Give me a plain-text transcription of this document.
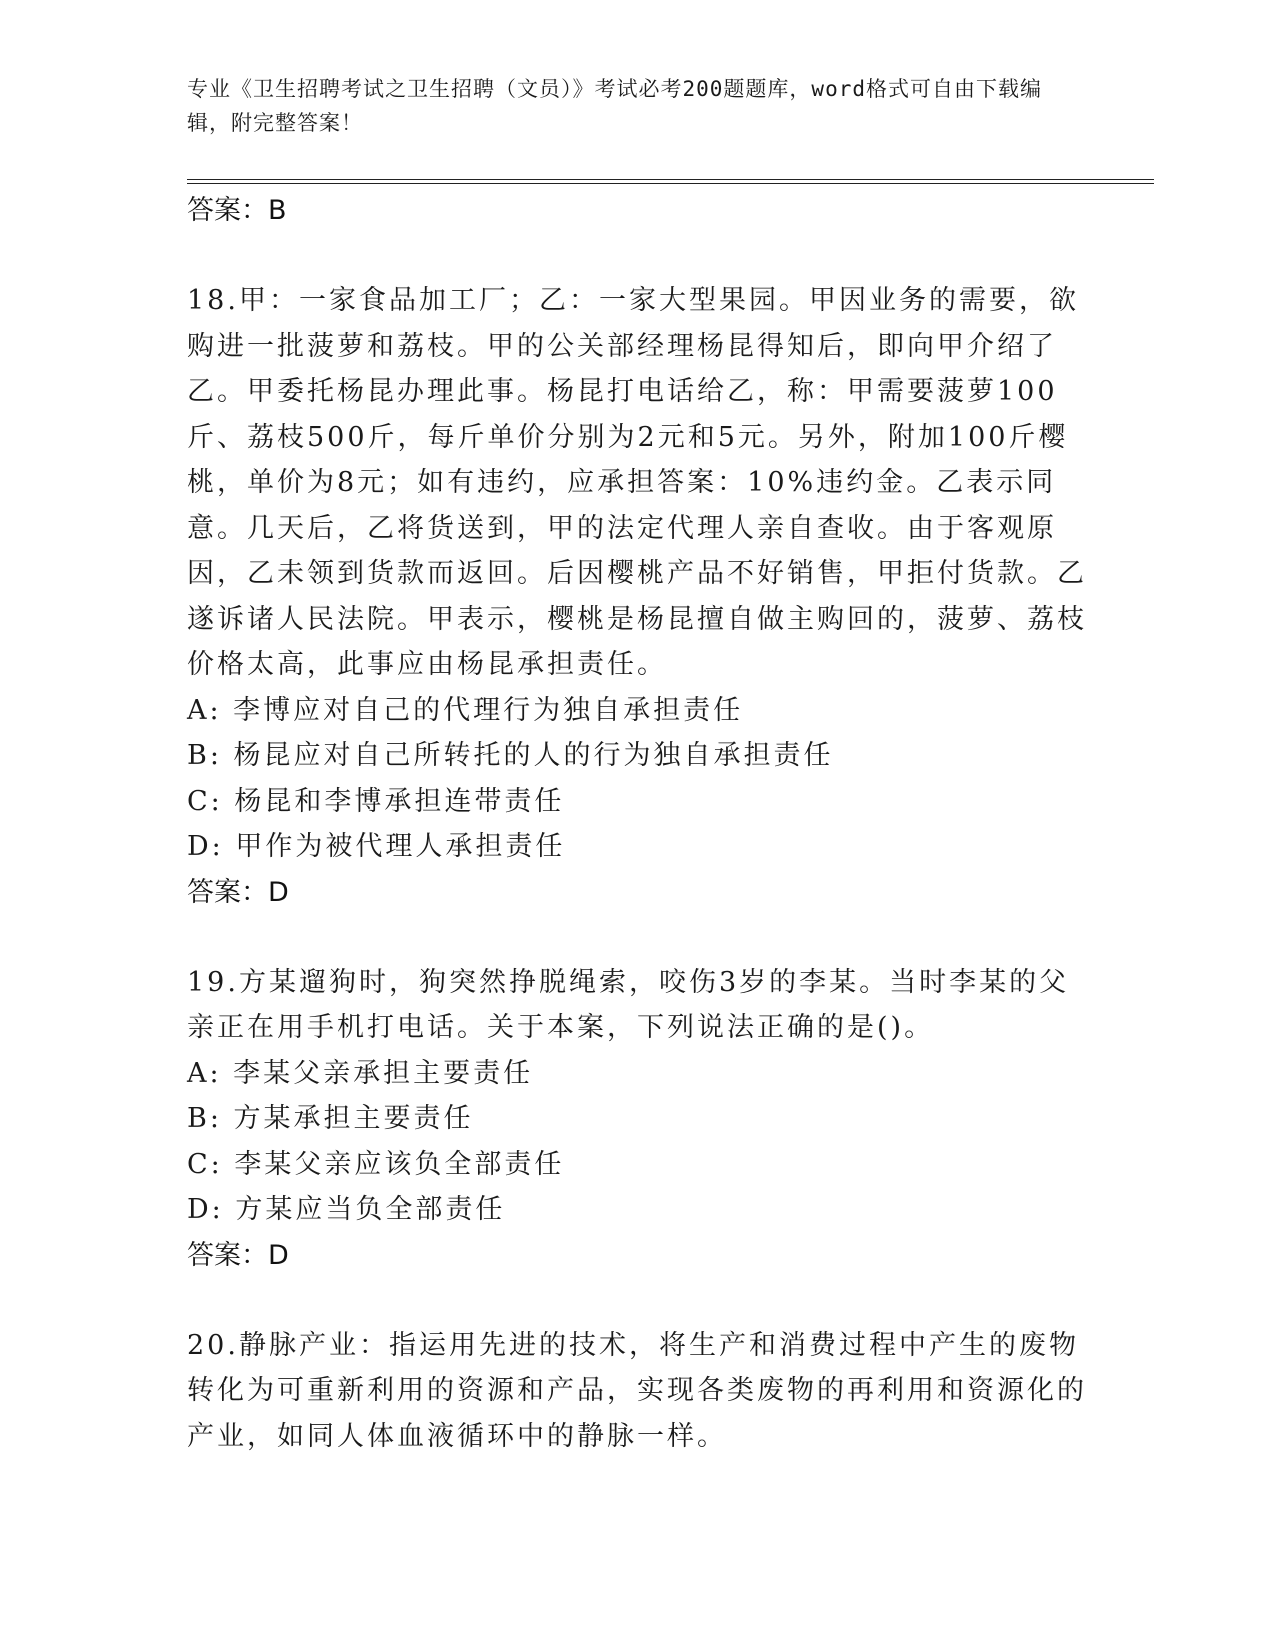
专业《卫生招聘考试之卫生招聘（文员）》考试必考200题题库，word格式可自由下载编辑，附完整答案！
答案：B
18.甲：一家食品加工厂；乙：一家大型果园。甲因业务的需要，欲购进一批菠萝和荔枝。甲的公关部经理杨昆得知后，即向甲介绍了乙。甲委托杨昆办理此事。杨昆打电话给乙，称：甲需要菠萝100斤、荔枝500斤，每斤单价分别为2元和5元。另外，附加100斤樱桃，单价为8元；如有违约，应承担答案：10%违约金。乙表示同意。几天后，乙将货送到，甲的法定代理人亲自查收。由于客观原因，乙未领到货款而返回。后因樱桃产品不好销售，甲拒付货款。乙遂诉诸人民法院。甲表示，樱桃是杨昆擅自做主购回的，菠萝、荔枝价格太高，此事应由杨昆承担责任。
A: 李博应对自己的代理行为独自承担责任
B: 杨昆应对自己所转托的人的行为独自承担责任
C: 杨昆和李博承担连带责任
D: 甲作为被代理人承担责任
答案：D
19.方某遛狗时，狗突然挣脱绳索，咬伤3岁的李某。当时李某的父亲正在用手机打电话。关于本案，下列说法正确的是()。
A: 李某父亲承担主要责任
B: 方某承担主要责任
C: 李某父亲应该负全部责任
D: 方某应当负全部责任
答案：D
20.静脉产业：指运用先进的技术，将生产和消费过程中产生的废物转化为可重新利用的资源和产品，实现各类废物的再利用和资源化的产业，如同人体血液循环中的静脉一样。
